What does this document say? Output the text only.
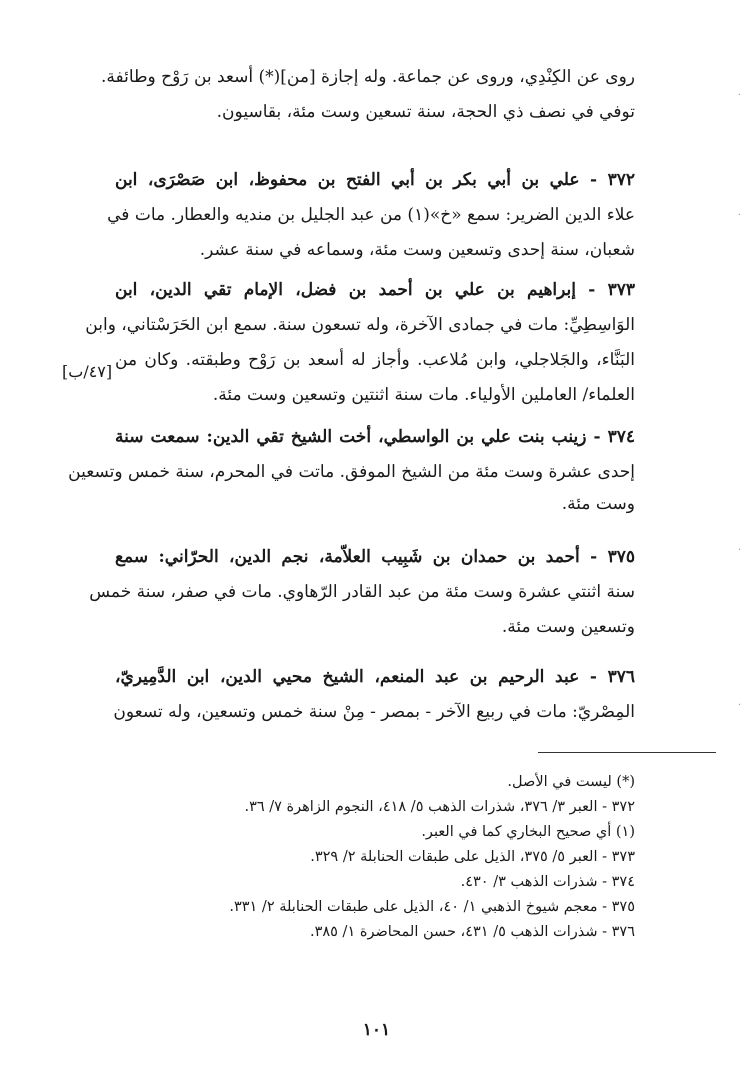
روى عن الكِنْدِي، وروى عن جماعة. وله إجازة [من](*) أسعد بن رَوْح وطائفة.
توفي في نصف ذي الحجة، سنة تسعين وست مئة، بقاسيون.
٣٧٢ - علي بن أبي بكر بن أبي الفتح بن محفوظ، ابن صَصْرَى، ابن
علاء الدين الضرير: سمع «خ»(١) من عبد الجليل بن منديه والعطار. مات في
شعبان، سنة إحدى وتسعين وست مئة، وسماعه في سنة عشر.
٣٧٣ - إبراهيم بن علي بن أحمد بن فضل، الإمام تقي الدين، ابن
الوَاسِطِيِّ: مات في جمادى الآخرة، وله تسعون سنة. سمع ابن الحَرَسْتاني، وابن
البَنَّاء، والجَلاجلي، وابن مُلاعب. وأجاز له أسعد بن رَوْح وطبقته. وكان من
العلماء/ العاملين الأولياء. مات سنة اثنتين وتسعين وست مئة.
[٤٧/ب]
٣٧٤ - زينب بنت علي بن الواسطي، أخت الشيخ تقي الدين: سمعت سنة
إحدى عشرة وست مئة من الشيخ الموفق. ماتت في المحرم، سنة خمس وتسعين
وست مئة.
٣٧٥ - أحمد بن حمدان بن شَبِيب العلاّمة، نجم الدين، الحرّاني: سمع
سنة اثنتي عشرة وست مئة من عبد القادر الرّهاوي. مات في صفر، سنة خمس
وتسعين وست مئة.
٣٧٦ - عبد الرحيم بن عبد المنعم، الشيخ محيي الدين، ابن الدَّمِيريّ،
المِصْريّ: مات في ربيع الآخر - بمصر - مِنْ سنة خمس وتسعين، وله تسعون
(*) ليست في الأصل.
٣٧٢ - العبر ٣/ ٣٧٦، شذرات الذهب ٥/ ٤١٨، النجوم الزاهرة ٧/ ٣٦.
(١) أي صحيح البخاري كما في العبر.
٣٧٣ - العبر ٥/ ٣٧٥، الذيل على طبقات الحنابلة ٢/ ٣٢٩.
٣٧٤ - شذرات الذهب ٣/ ٤٣٠.
٣٧٥ - معجم شيوخ الذهبي ١/ ٤٠، الذيل على طبقات الحنابلة ٢/ ٣٣١.
٣٧٦ - شذرات الذهب ٥/ ٤٣١، حسن المحاضرة ١/ ٣٨٥.
١٠١
·
·
·
·
